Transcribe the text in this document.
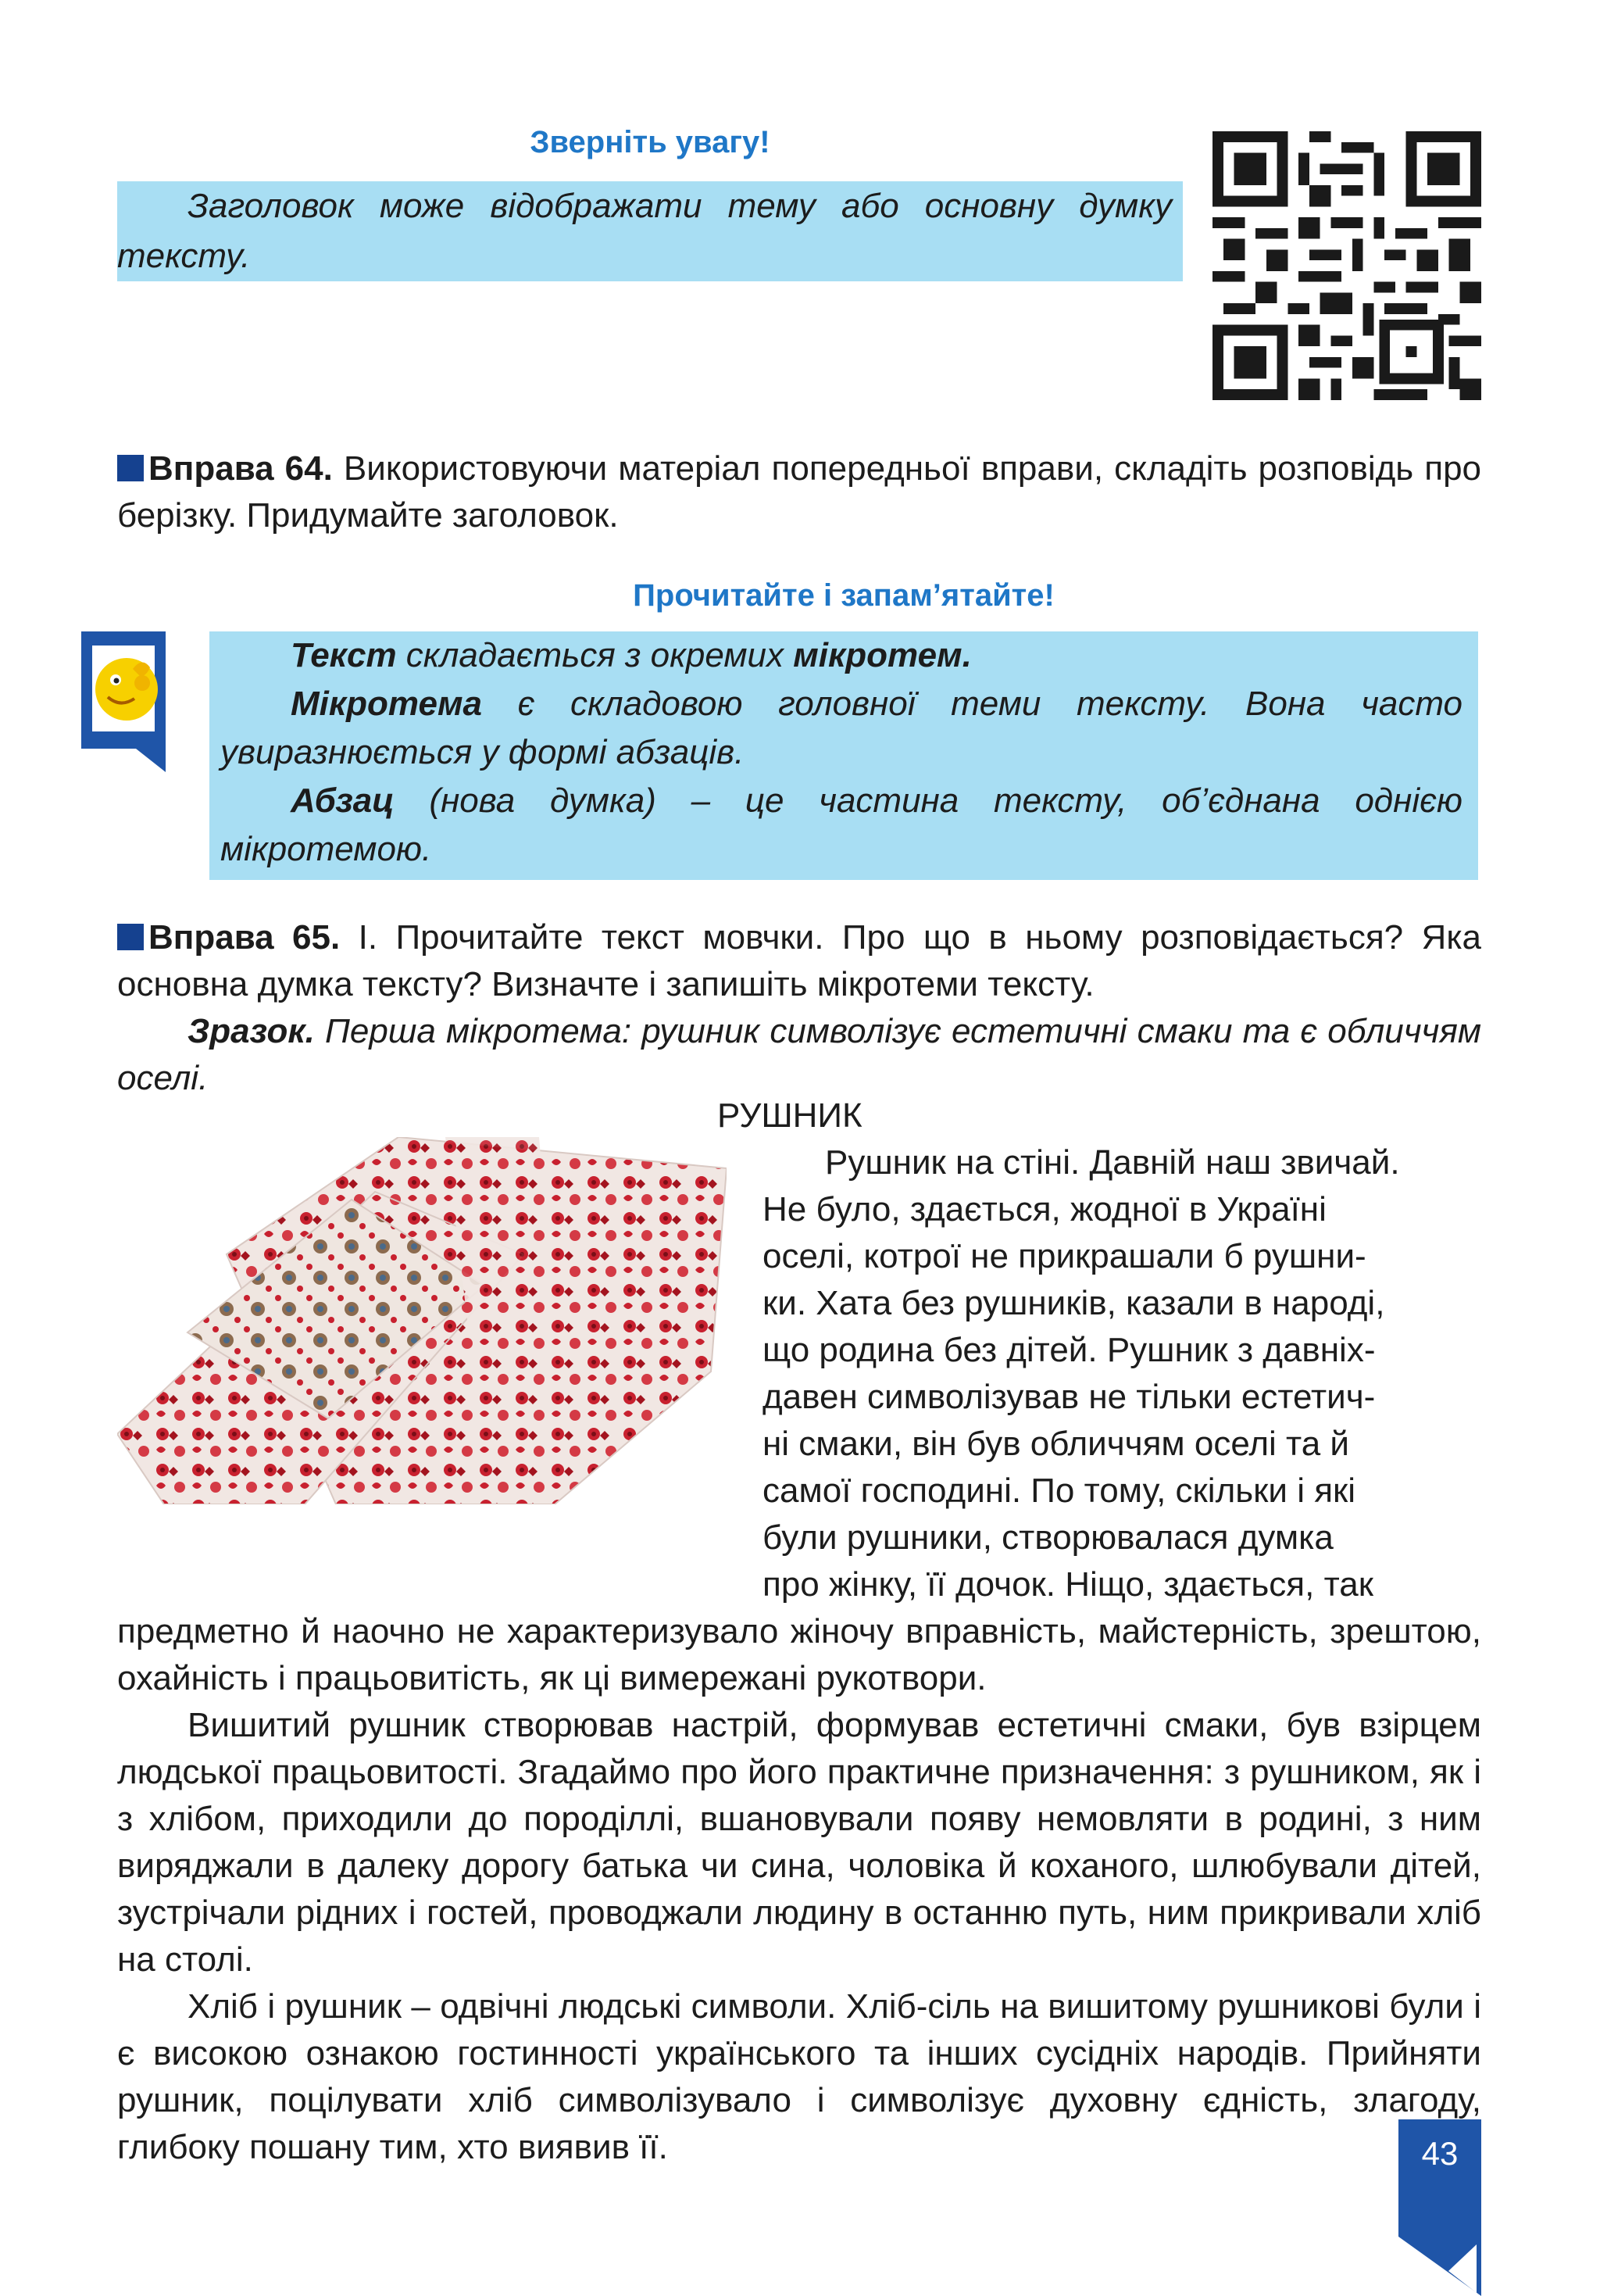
Зверніть увагу!

Заголовок може відображати тему або основну думку тексту.

Вправа 64. Використовуючи матеріал попередньої вправи, складіть розповідь про берізку. Придумайте заголовок.

Прочитайте і запам’ятайте!

Текст складається з окремих мікротем.

Мікротема є складовою головної теми тексту. Вона часто увиразнюється у формі абзаців.

Абзац (нова думка) – це частина тексту, об’єднана однією мікротемою.

Вправа 65. І. Прочитайте текст мовчки. Про що в ньому розповідається? Яка основна думка тексту? Визначте і запишіть мікротеми тексту.

Зразок. Перша мікротема: рушник символізує естетичні смаки та є обличчям оселі.

РУШНИК
Рушник на стіні. Давній наш звичай.
Не було, здається, жодної в Україні
оселі, котрої не прикрашали б рушни-
ки. Хата без рушників, казали в народі,
що родина без дітей. Рушник з давніх-
давен символізував не тільки естетич-
ні смаки, він був обличчям оселі та й
самої господині. По тому, скільки і які
були рушники, створювалася думка
про жінку, її дочок. Ніщо, здається, так

предметно й наочно не характеризувало жіночу вправність, майстерність, зрештою, охайність і працьовитість, як ці вимережані рукотвори.

Вишитий рушник створював настрій, формував естетичні смаки, був взірцем людської працьовитості. Згадаймо про його практичне призначення: з рушником, як і з хлібом, приходили до породіллі, вшановували появу немовляти в родині, з ним виряджали в далеку дорогу батька чи сина, чоловіка й коханого, шлюбували дітей, зустрічали рідних і гостей, проводжали людину в останню путь, ним прикривали хліб на столі.

Хліб і рушник – одвічні людські символи. Хліб-сіль на вишитому рушникові були і є високою ознакою гостинності українського та інших сусідніх народів. Прийняти рушник, поцілувати хліб символізувало і символізує духовну єдність, злагоду, глибоку пошану тим, хто виявив її.	43
